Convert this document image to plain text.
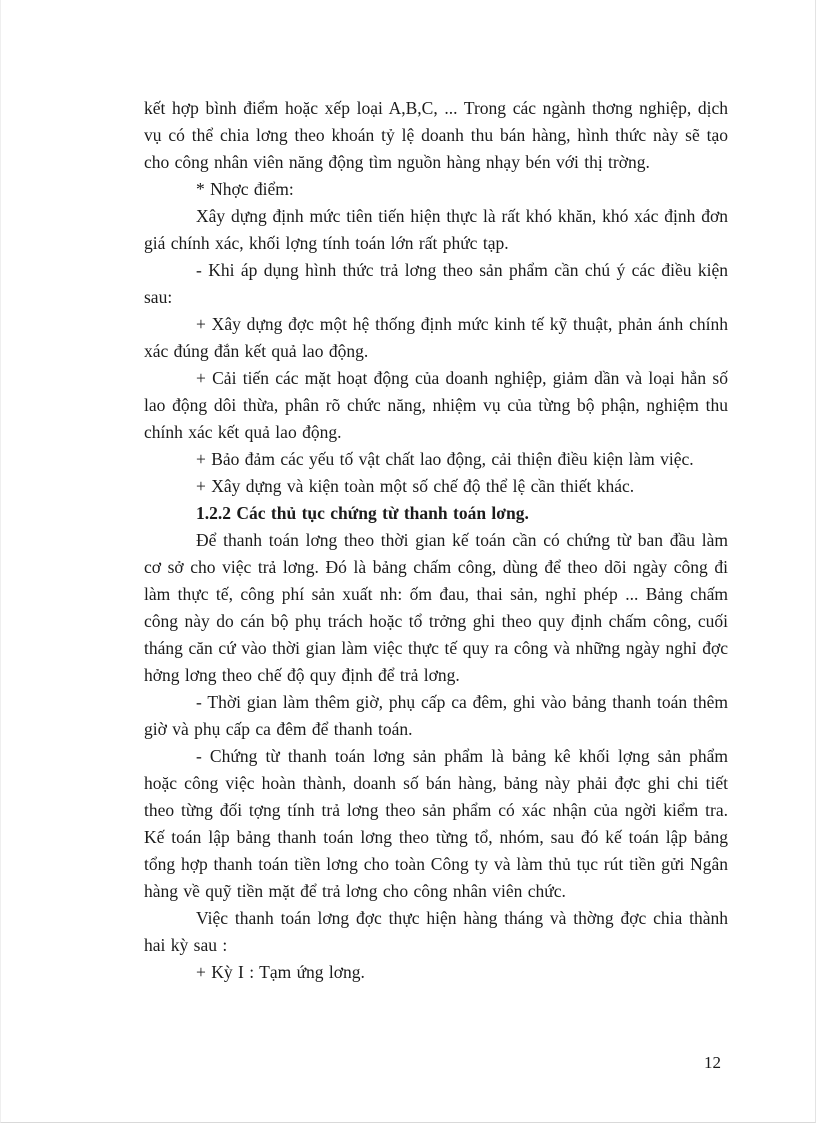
kết hợp bình điểm hoặc xếp loại A,B,C, ... Trong các ngành thơng nghiệp, dịch vụ có thể chia lơng theo khoán tỷ lệ doanh thu bán hàng, hình thức này sẽ tạo cho công nhân viên năng động tìm nguồn hàng nhạy bén với thị trờng.

* Nhợc điểm:

Xây dựng định mức tiên tiến hiện thực là rất khó khăn, khó xác định đơn giá chính xác, khối lợng tính toán lớn rất phức tạp.

- Khi áp dụng hình thức trả lơng theo sản phẩm cần chú ý các điều kiện sau:

+ Xây dựng đợc một hệ thống định mức kinh tế kỹ thuật, phản ánh chính xác đúng đắn kết quả lao động.

+ Cải tiến các mặt hoạt động của doanh nghiệp, giảm dần và loại hẳn số lao động dôi thừa, phân rõ chức năng, nhiệm vụ của từng bộ phận, nghiệm thu chính xác kết quả lao động.

+ Bảo đảm các yếu tố vật chất lao động, cải thiện điều kiện làm việc.

+ Xây dựng và kiện toàn một số chế độ thể lệ cần thiết khác.

1.2.2 Các thủ tục chứng từ thanh toán lơng.

Để thanh toán lơng theo thời gian kế toán cần có chứng từ ban đầu làm cơ sở cho việc trả lơng. Đó là bảng chấm công, dùng để theo dõi ngày công đi làm thực tế, công phí sản xuất nh: ốm đau, thai sản, nghỉ phép ... Bảng chấm công này do cán bộ phụ trách hoặc tổ trởng ghi theo quy định chấm công, cuối tháng căn cứ vào thời gian làm việc thực tế quy ra công và những ngày nghỉ đợc hởng lơng theo chế độ quy định để trả lơng.

- Thời gian làm thêm giờ, phụ cấp ca đêm, ghi vào bảng thanh toán thêm giờ và phụ cấp ca đêm để thanh toán.

- Chứng từ thanh toán lơng sản phẩm là bảng kê khối lợng sản phẩm hoặc công việc hoàn thành, doanh số bán hàng, bảng này phải đợc ghi chi tiết theo từng đối tợng tính trả lơng theo sản phẩm có xác nhận của ngời kiểm tra. Kế toán lập bảng thanh toán lơng theo từng tổ, nhóm, sau đó kế toán lập bảng tổng hợp thanh toán tiền lơng cho toàn Công ty và làm thủ tục rút tiền gửi Ngân hàng về quỹ tiền mặt để trả lơng cho công nhân viên chức.

Việc thanh toán lơng đợc thực hiện hàng tháng và thờng đợc chia thành hai kỳ sau :

+ Kỳ I : Tạm ứng lơng.

12
